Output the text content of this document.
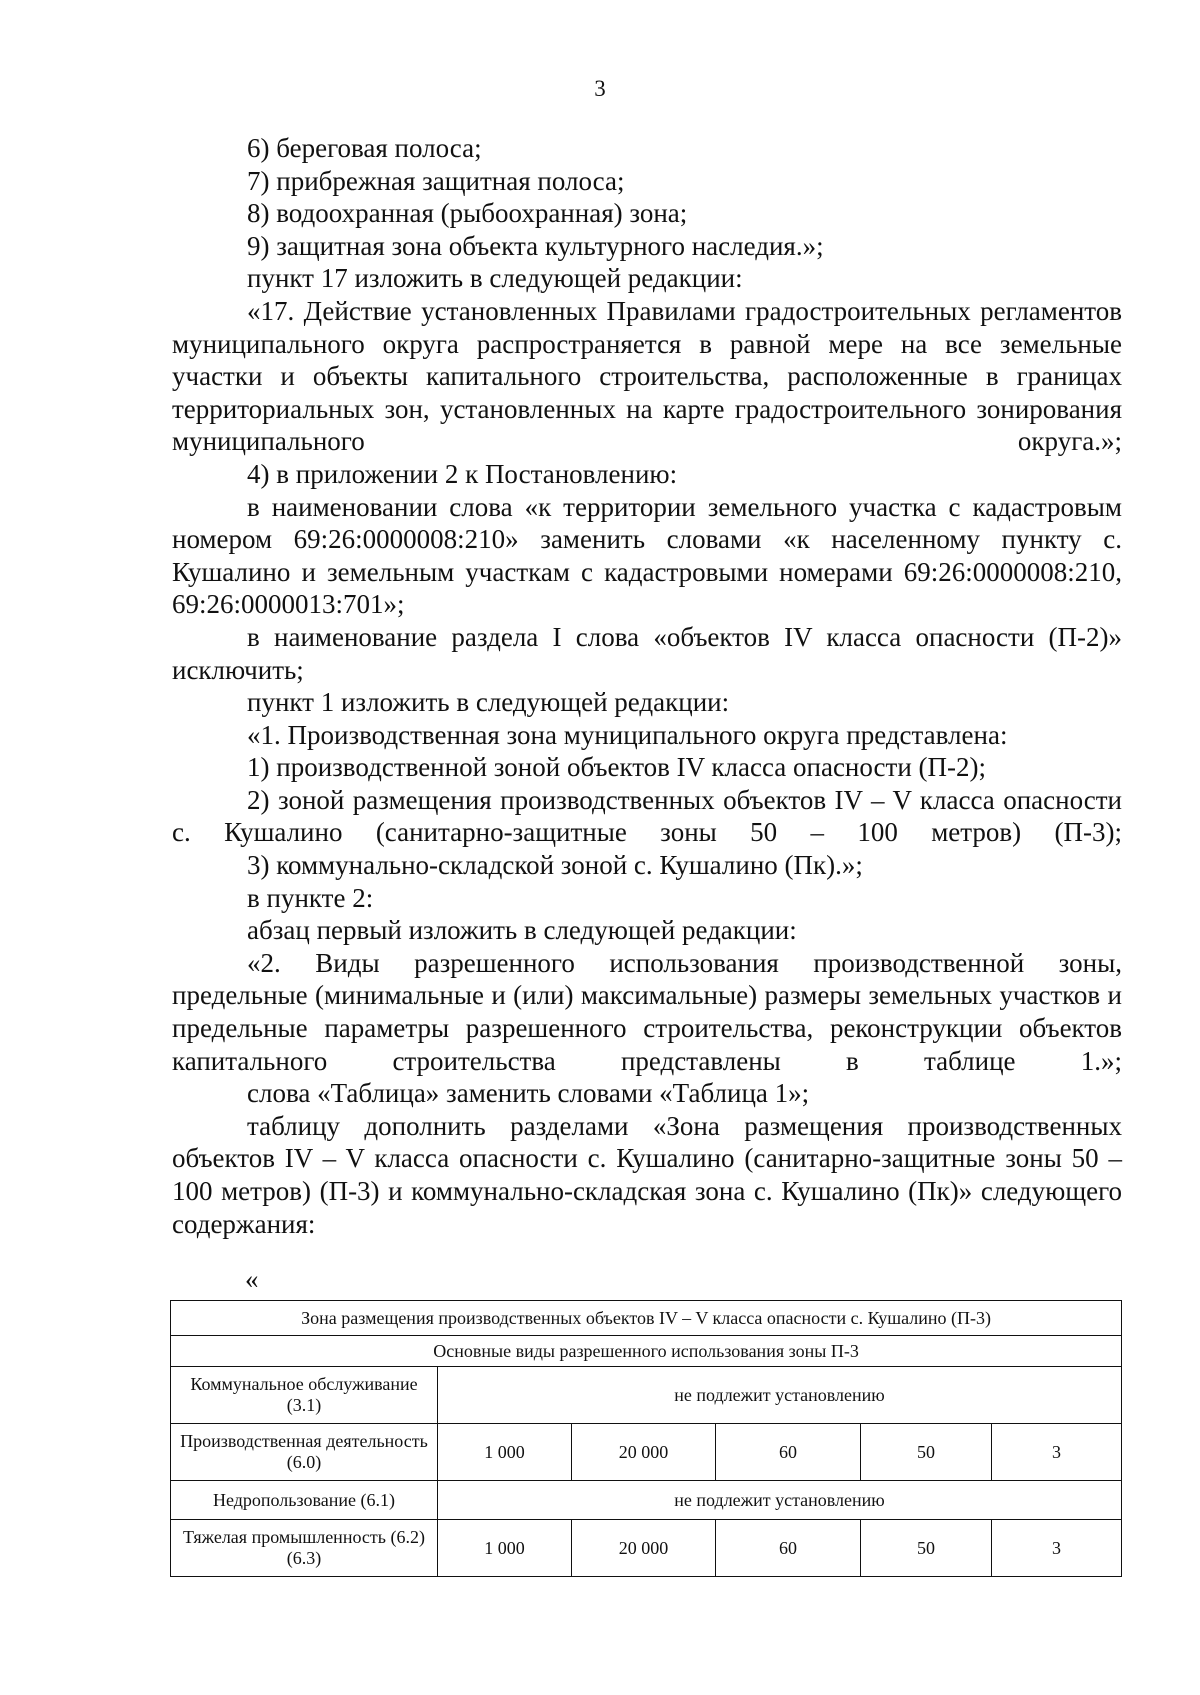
3

6) береговая полоса;

7) прибрежная защитная полоса;

8) водоохранная (рыбоохранная) зона;

9) защитная зона объекта культурного наследия.»;

пункт 17 изложить в следующей редакции:

«17. Действие установленных Правилами градостроительных регламентов муниципального округа распространяется в равной мере на все земельные участки и объекты капитального строительства, расположенные в границах территориальных зон, установленных на карте градостроительного зонирования муниципального округа.»;

4) в приложении 2 к Постановлению:

в наименовании слова «к территории земельного участка с кадастровым номером 69:26:0000008:210» заменить словами «к населенному пункту с. Кушалино и земельным участкам с кадастровыми номерами 69:26:0000008:210, 69:26:0000013:701»;

в наименование раздела I слова «объектов IV класса опасности (П-2)» исключить;

пункт 1 изложить в следующей редакции:

«1. Производственная зона муниципального округа представлена:

1) производственной зоной объектов IV класса опасности (П-2);

2) зоной размещения производственных объектов IV – V класса опасности с. Кушалино (санитарно-защитные зоны 50 – 100 метров) (П-3);

3) коммунально-складской зоной с. Кушалино (Пк).»;

в пункте 2:

абзац первый изложить в следующей редакции:

«2. Виды разрешенного использования производственной зоны, предельные (минимальные и (или) максимальные) размеры земельных участков и предельные параметры разрешенного строительства, реконструкции объектов капитального строительства представлены в таблице 1.»;

слова «Таблица» заменить словами «Таблица 1»;

таблицу дополнить разделами «Зона размещения производственных объектов IV – V класса опасности с. Кушалино (санитарно-защитные зоны 50 – 100 метров) (П-3) и коммунально-складская зона с. Кушалино (Пк)» следующего содержания:

«
Зона размещения производственных объектов IV – V класса опасности с. Кушалино (П-3)					
Основные виды разрешенного использования зоны П-3					
Коммунальное обслуживание (3.1)	не подлежит установлению				
Производственная деятельность (6.0)	1 000	20 000	60	50	3
Недропользование (6.1)	не подлежит установлению				
Тяжелая промышленность (6.2) (6.3)	1 000	20 000	60	50	3
